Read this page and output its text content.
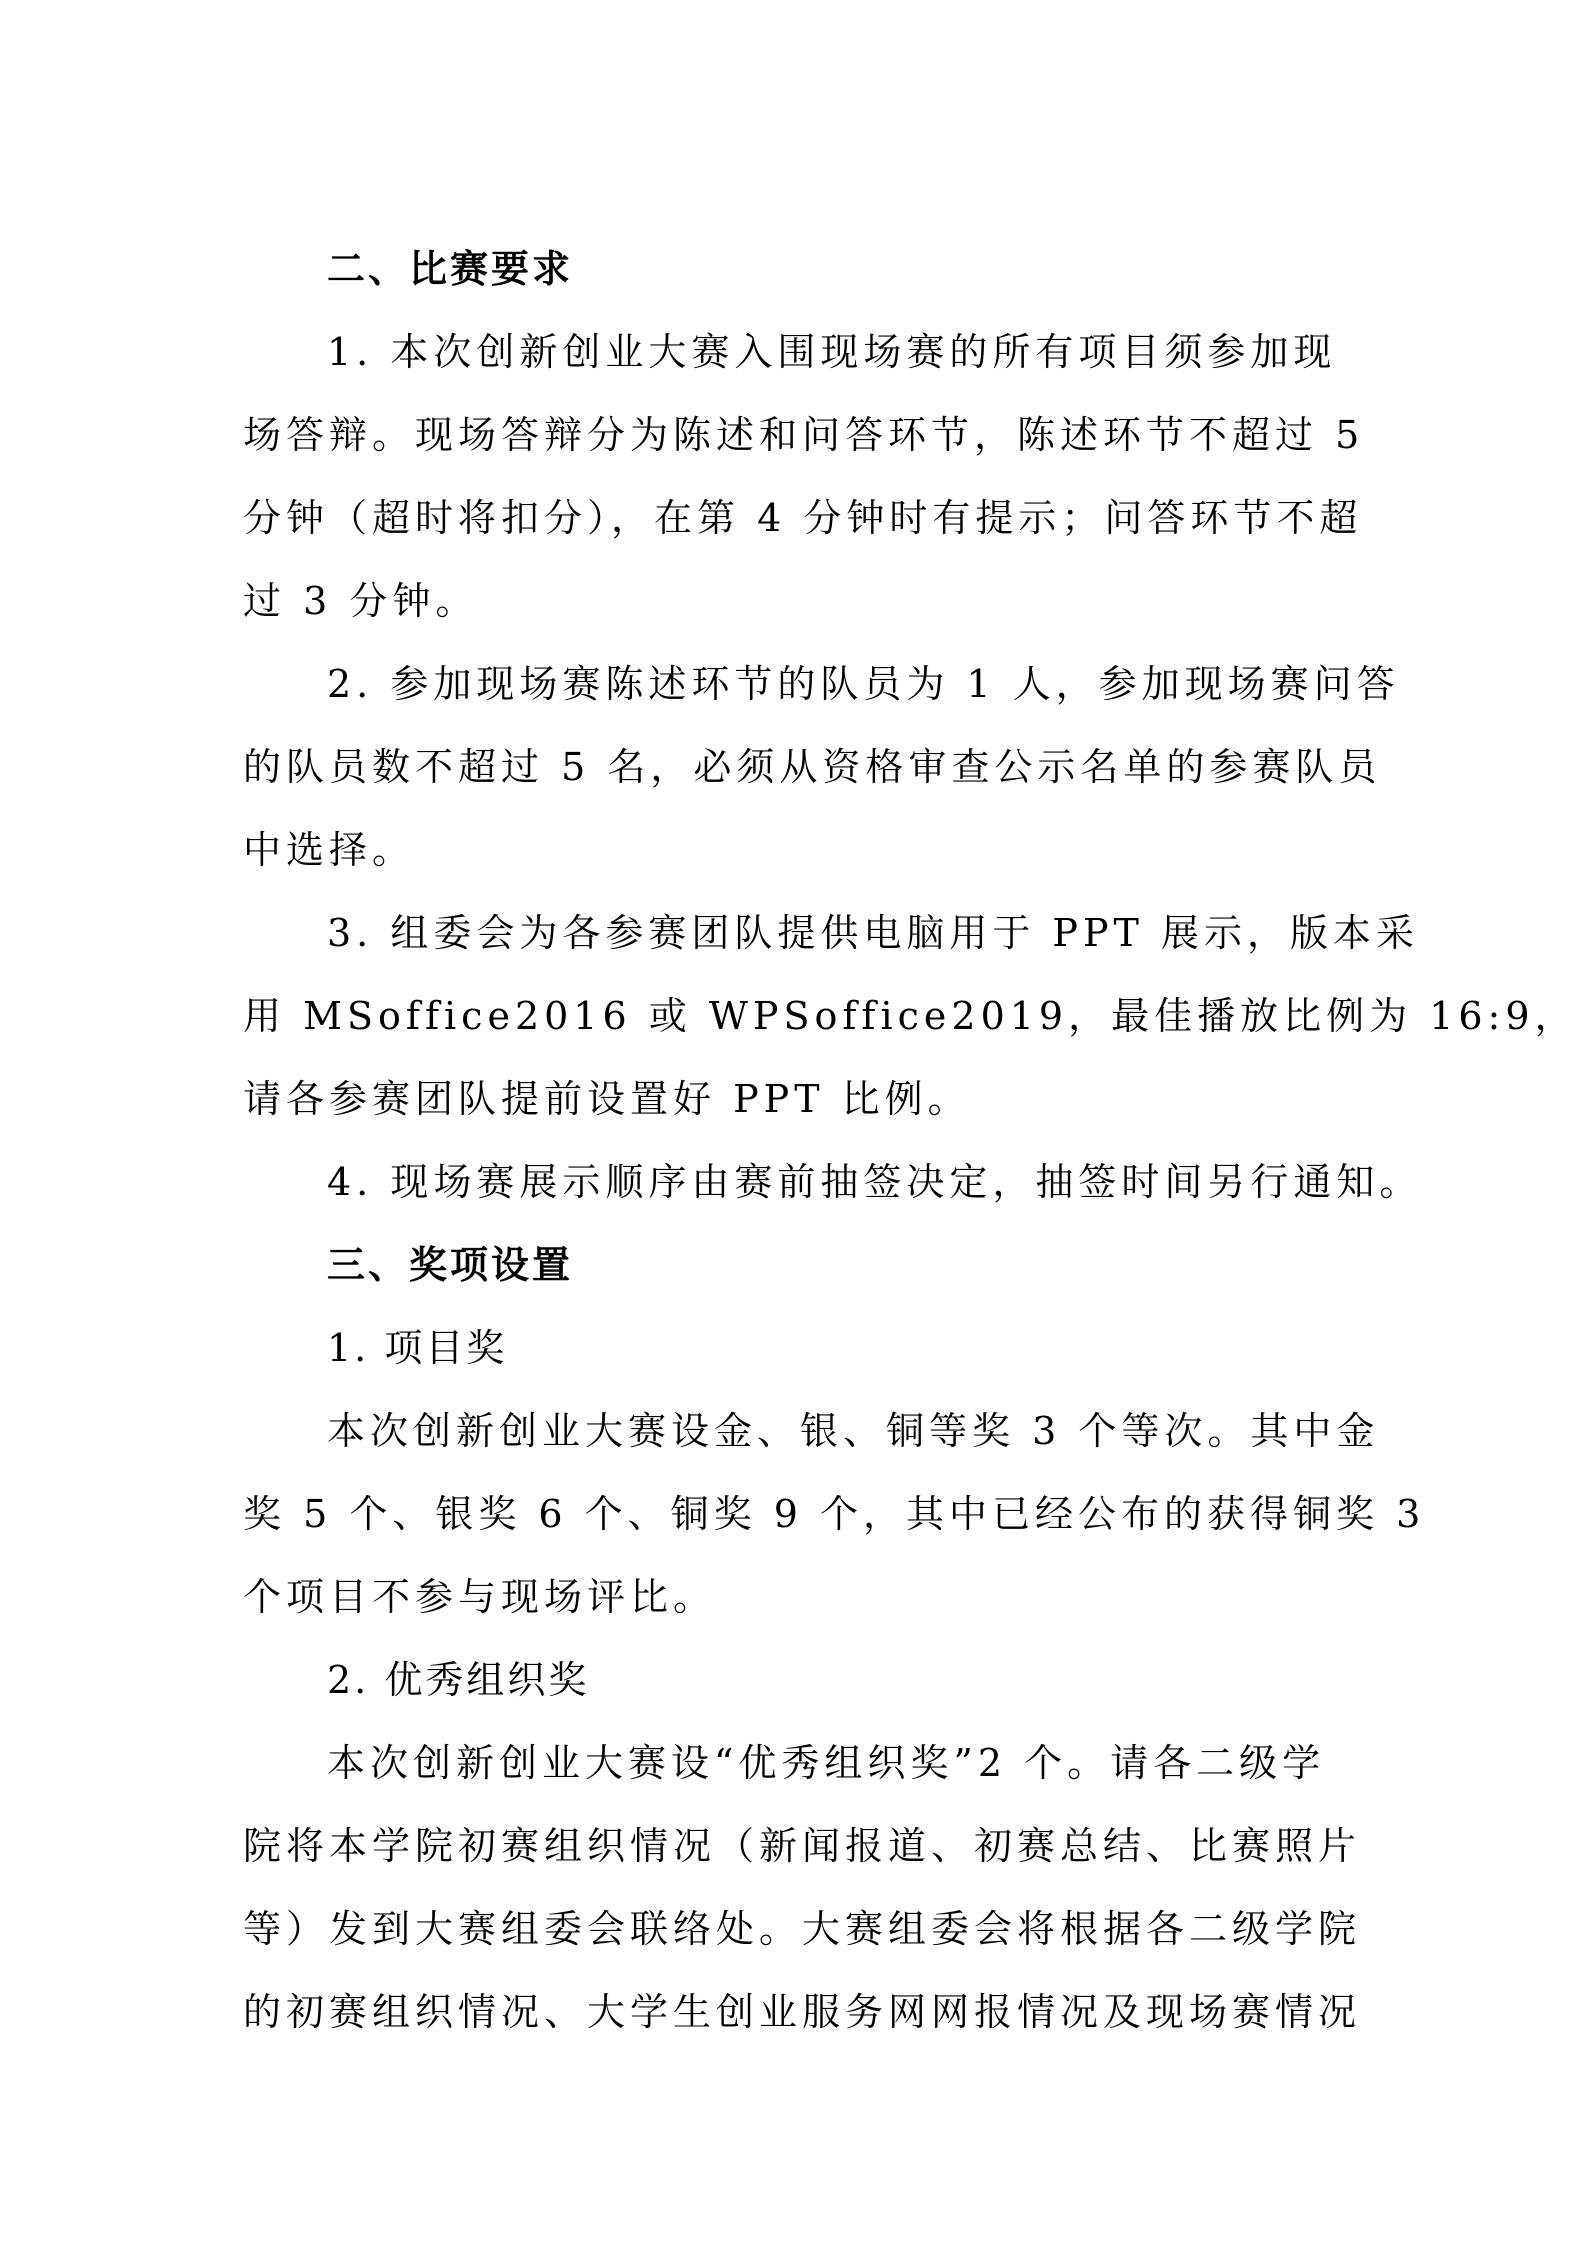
二、比赛要求
1. 本次创新创业大赛入围现场赛的所有项目须参加现
场答辩。现场答辩分为陈述和问答环节，陈述环节不超过 5
分钟（超时将扣分），在第 4 分钟时有提示；问答环节不超
过 3 分钟。
2. 参加现场赛陈述环节的队员为 1 人，参加现场赛问答
的队员数不超过 5 名，必须从资格审查公示名单的参赛队员
中选择。
3. 组委会为各参赛团队提供电脑用于 PPT 展示，版本采
用 MSoffice2016 或 WPSoffice2019，最佳播放比例为 16:9，
请各参赛团队提前设置好 PPT 比例。
4. 现场赛展示顺序由赛前抽签决定，抽签时间另行通知。
三、奖项设置
1. 项目奖
本次创新创业大赛设金、银、铜等奖 3 个等次。其中金
奖 5 个、银奖 6 个、铜奖 9 个，其中已经公布的获得铜奖 3
个项目不参与现场评比。
2. 优秀组织奖
本次创新创业大赛设“优秀组织奖”2 个。请各二级学
院将本学院初赛组织情况（新闻报道、初赛总结、比赛照片
等）发到大赛组委会联络处。大赛组委会将根据各二级学院
的初赛组织情况、大学生创业服务网网报情况及现场赛情况
